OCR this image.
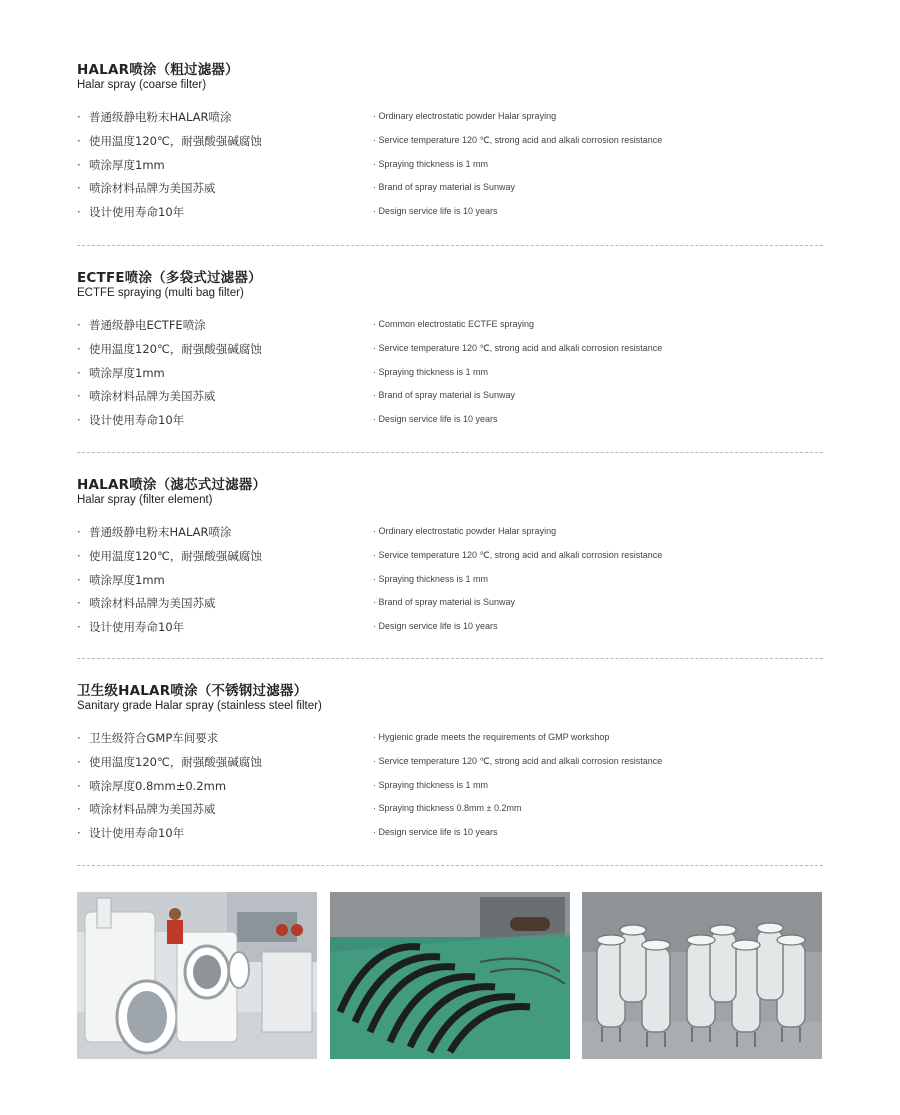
HALAR喷涂（粗过滤器）
Halar spray (coarse filter)
· 普通级静电粉末HALAR喷涂	· Ordinary electrostatic powder Halar spraying
· 使用温度120℃，耐强酸强碱腐蚀	· Service temperature 120 ℃, strong acid and alkali corrosion resistance
· 喷涂厚度1mm	· Spraying thickness is 1 mm
· 喷涂材料品牌为美国苏威	· Brand of spray material is Sunway
· 设计使用寿命10年	· Design service life is 10 years
ECTFE喷涂（多袋式过滤器）
ECTFE spraying (multi bag filter)
· 普通级静电ECTFE喷涂	· Common electrostatic ECTFE spraying
· 使用温度120℃，耐强酸强碱腐蚀	· Service temperature 120 ℃, strong acid and alkali corrosion resistance
· 喷涂厚度1mm	· Spraying thickness is 1 mm
· 喷涂材料品牌为美国苏威	· Brand of spray material is Sunway
· 设计使用寿命10年	· Design service life is 10 years
HALAR喷涂（滤芯式过滤器）
Halar spray (filter element)
· 普通级静电粉末HALAR喷涂	· Ordinary electrostatic powder Halar spraying
· 使用温度120℃，耐强酸强碱腐蚀	· Service temperature 120 ℃, strong acid and alkali corrosion resistance
· 喷涂厚度1mm	· Spraying thickness is 1 mm
· 喷涂材料品牌为美国苏威	· Brand of spray material is Sunway
· 设计使用寿命10年	· Design service life is 10 years
卫生级HALAR喷涂（不锈钢过滤器）
Sanitary grade Halar spray (stainless steel filter)
· 卫生级符合GMP车间要求	· Hygienic grade meets the requirements of GMP workshop
· 使用温度120℃，耐强酸强碱腐蚀	· Service temperature 120 ℃, strong acid and alkali corrosion resistance
· 喷涂厚度0.8mm±0.2mm	· Spraying thickness is 1 mm
· 喷涂材料品牌为美国苏威	· Spraying thickness 0.8mm ± 0.2mm
· 设计使用寿命10年	· Design service life is 10 years
